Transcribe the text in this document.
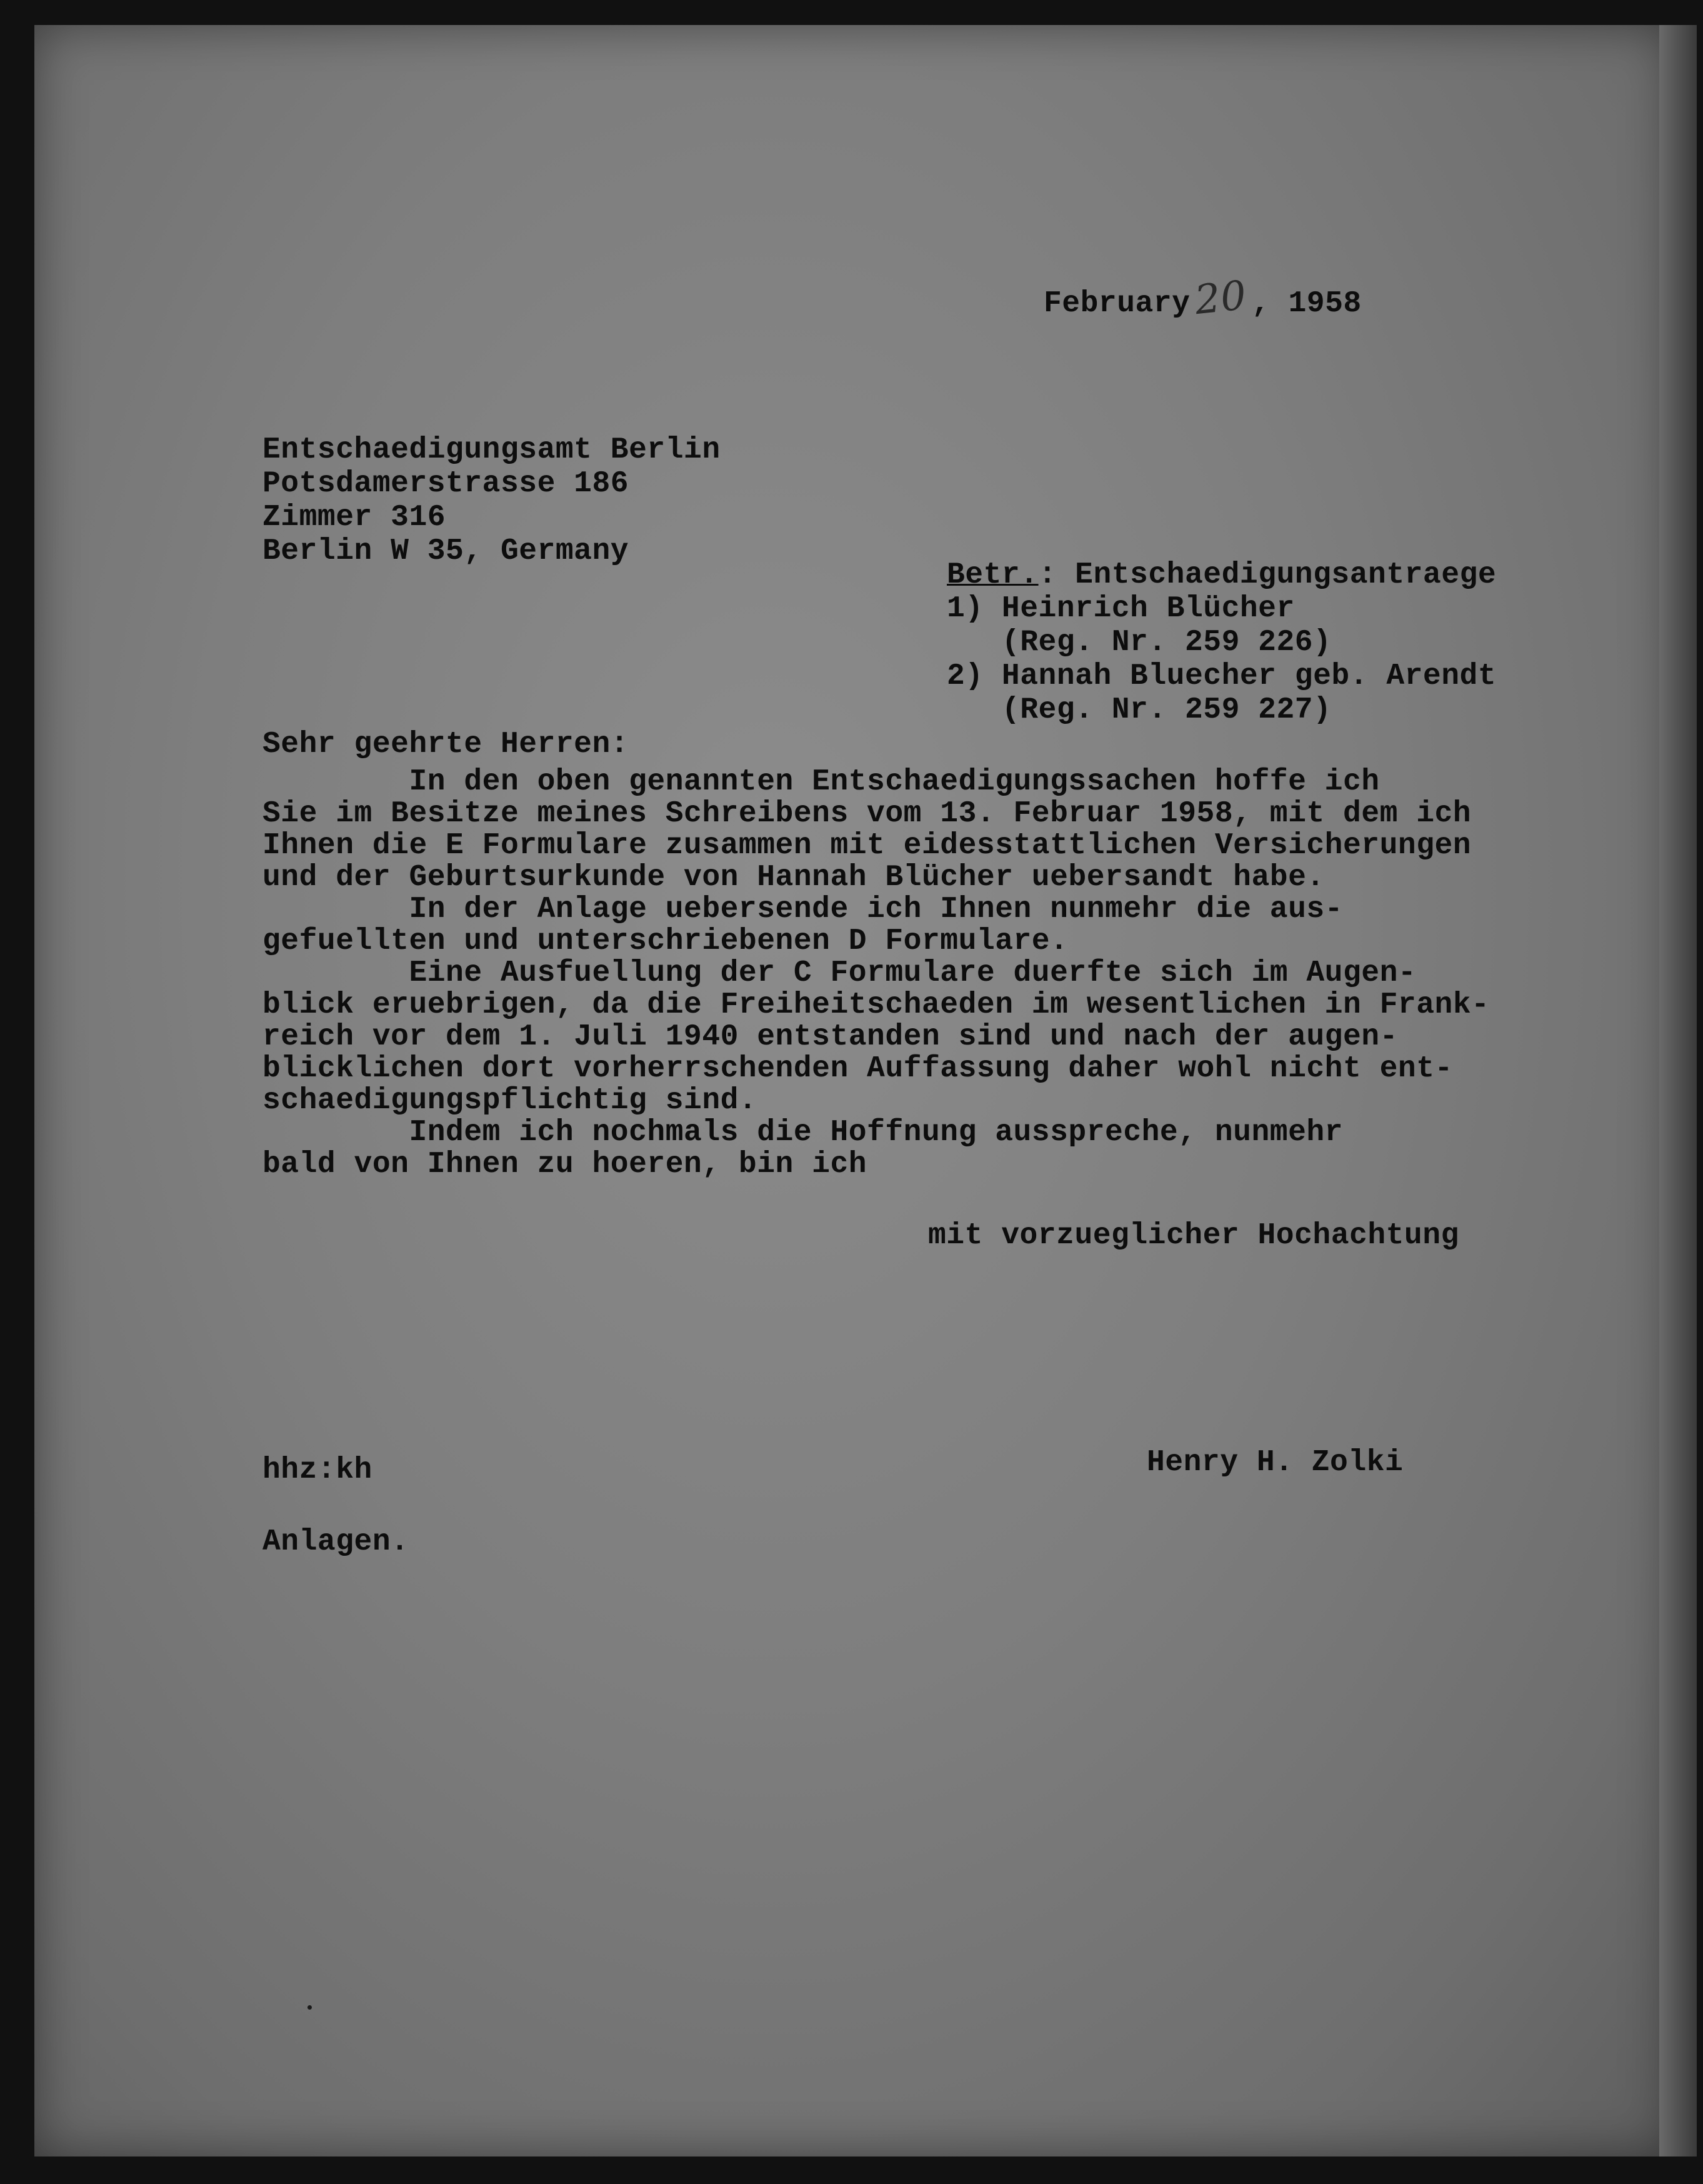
February20, 1958
Entschaedigungsamt Berlin
Potsdamerstrasse 186
Zimmer 316
Berlin W 35, Germany
Betr.: Entschaedigungsantraege
1) Heinrich Blücher
(Reg. Nr. 259 226)
2) Hannah Bluecher geb. Arendt
(Reg. Nr. 259 227)
Sehr geehrte Herren:
In den oben genannten Entschaedigungssachen hoffe ich
Sie im Besitze meines Schreibens vom 13. Februar 1958, mit dem ich
Ihnen die E Formulare zusammen mit eidesstattlichen Versicherungen
und der Geburtsurkunde von Hannah Blücher uebersandt habe.
In der Anlage uebersende ich Ihnen nunmehr die aus-
gefuellten und unterschriebenen D Formulare.
Eine Ausfuellung der C Formulare duerfte sich im Augen-
blick eruebrigen, da die Freiheitschaeden im wesentlichen in Frank-
reich vor dem 1. Juli 1940 entstanden sind und nach der augen-
blicklichen dort vorherrschenden Auffassung daher wohl nicht ent-
schaedigungspflichtig sind.
Indem ich nochmals die Hoffnung ausspreche, nunmehr
bald von Ihnen zu hoeren, bin ich
mit vorzueglicher Hochachtung
hhz:kh	Henry H. Zolki
Anlagen.
